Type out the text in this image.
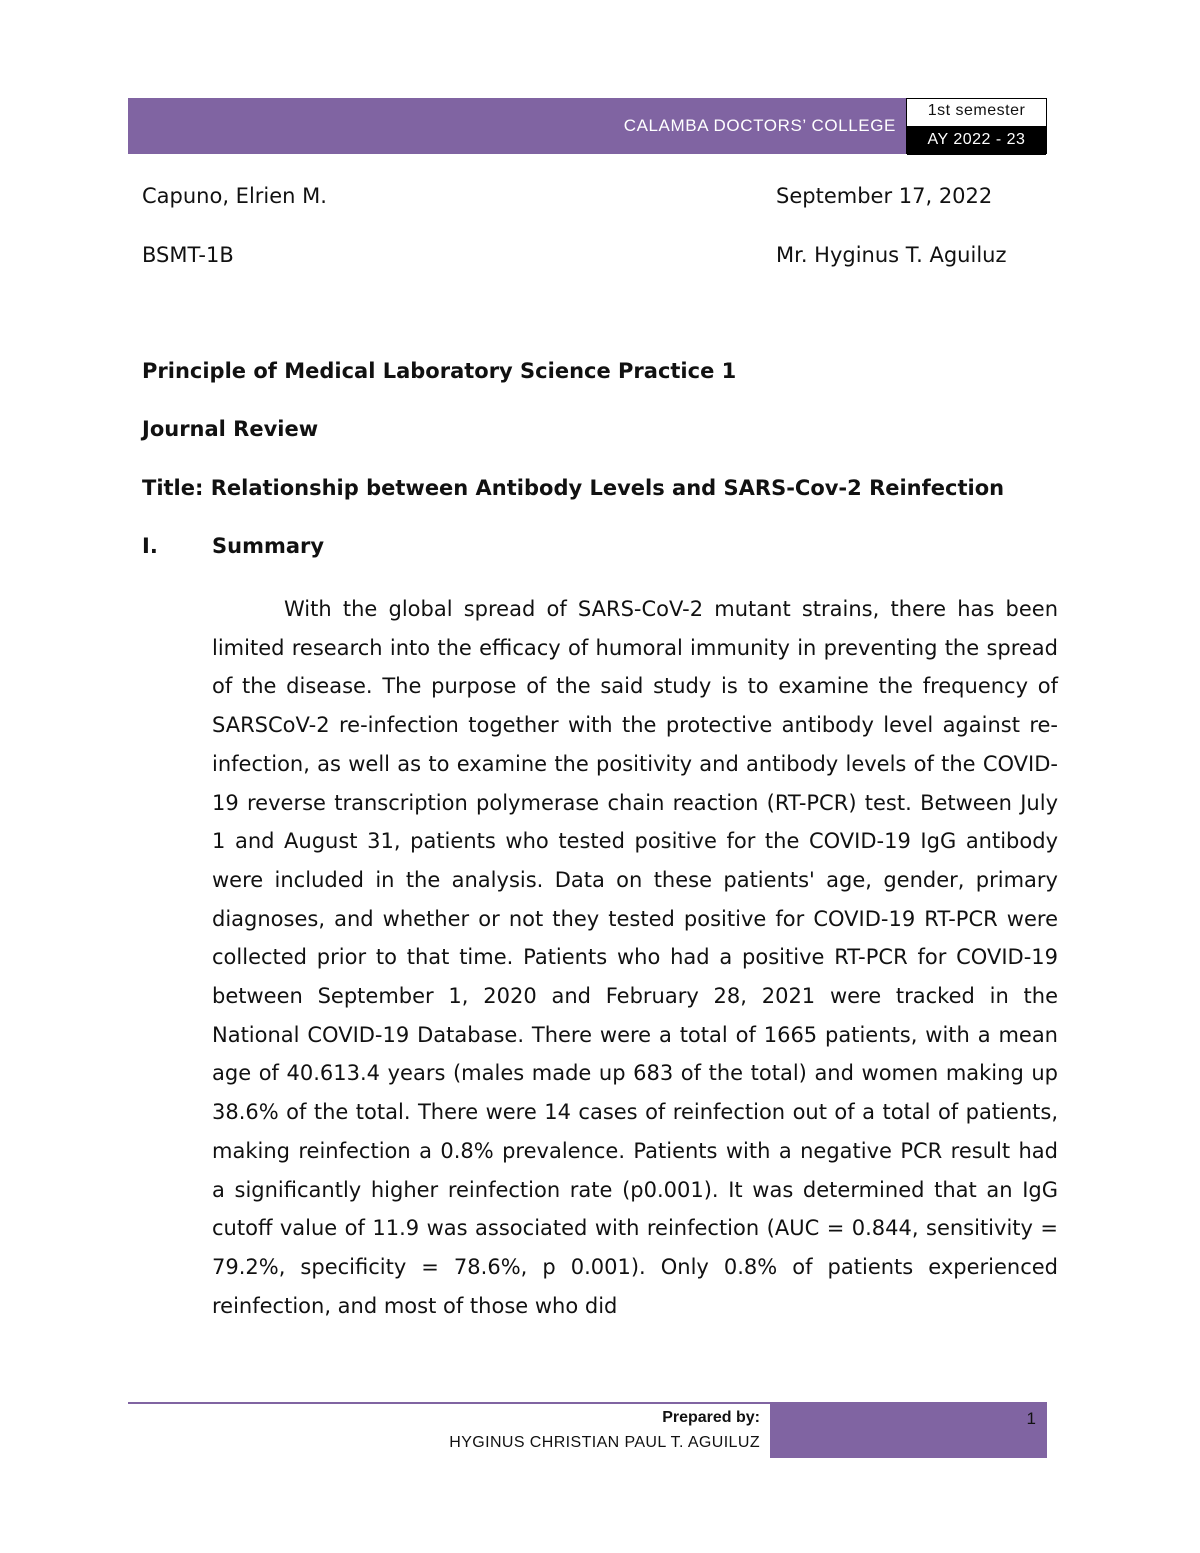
CALAMBA DOCTORS’ COLLEGE
1st semester
AY 2022 - 23
Capuno, Elrien M.	September 17, 2022
BSMT-1B	Mr. Hyginus T. Aguiluz
Principle of Medical Laboratory Science Practice 1
Journal Review
Title: Relationship between Antibody Levels and SARS-Cov-2 Reinfection
I.	Summary

With the global spread of SARS-CoV-2 mutant strains, there has been limited research into the efficacy of humoral immunity in preventing the spread of the disease. The purpose of the said study is to examine the frequency of SARSCoV-2 re-infection together with the protective antibody level against re-infection, as well as to examine the positivity and antibody levels of the COVID-19 reverse transcription polymerase chain reaction (RT-PCR) test. Between July 1 and August 31, patients who tested positive for the COVID-19 IgG antibody were included in the analysis. Data on these patients' age, gender, primary diagnoses, and whether or not they tested positive for COVID-19 RT-PCR were collected prior to that time. Patients who had a positive RT-PCR for COVID-19 between September 1, 2020 and February 28, 2021 were tracked in the National COVID-19 Database. There were a total of 1665 patients, with a mean age of 40.613.4 years (males made up 683 of the total) and women making up 38.6% of the total. There were 14 cases of reinfection out of a total of patients, making reinfection a 0.8% prevalence. Patients with a negative PCR result had a significantly higher reinfection rate (p0.001). It was determined that an IgG cutoff value of 11.9 was associated with reinfection (AUC = 0.844, sensitivity = 79.2%, specificity = 78.6%, p 0.001). Only 0.8% of patients experienced reinfection, and most of those who did

Prepared by:
HYGINUS CHRISTIAN PAUL T. AGUILUZ
1
